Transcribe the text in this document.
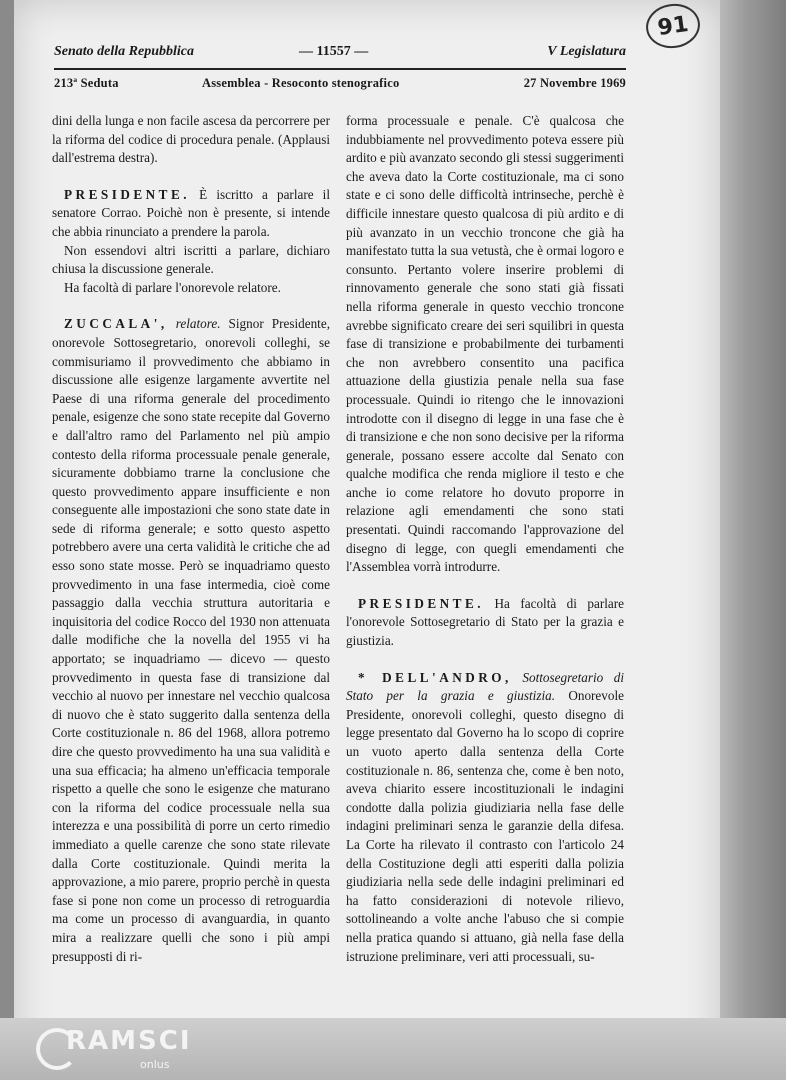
91
Senato della Repubblica	— 11557 —	V Legislatura
213ª Seduta	Assemblea - Resoconto stenografico	27 Novembre 1969

dini della lunga e non facile ascesa da percorrere per la riforma del codice di procedura penale. (Applausi dall'estrema destra).

PRESIDENTE. È iscritto a parlare il senatore Corrao. Poichè non è presente, si intende che abbia rinunciato a prendere la parola.

Non essendovi altri iscritti a parlare, dichiaro chiusa la discussione generale.

Ha facoltà di parlare l'onorevole relatore.

ZUCCALA', relatore. Signor Presidente, onorevole Sottosegretario, onorevoli colleghi, se commisuriamo il provvedimento che abbiamo in discussione alle esigenze largamente avvertite nel Paese di una riforma generale del procedimento penale, esigenze che sono state recepite dal Governo e dall'altro ramo del Parlamento nel più ampio contesto della riforma processuale penale generale, sicuramente dobbiamo trarne la conclusione che questo provvedimento appare insufficiente e non conseguente alle impostazioni che sono state date in sede di riforma generale; e sotto questo aspetto potrebbero avere una certa validità le critiche che ad esso sono state mosse. Però se inquadriamo questo provvedimento in una fase intermedia, cioè come passaggio dalla vecchia struttura autoritaria e inquisitoria del codice Rocco del 1930 non attenuata dalle modifiche che la novella del 1955 vi ha apportato; se inquadriamo — dicevo — questo provvedimento in questa fase di transizione dal vecchio al nuovo per innestare nel vecchio qualcosa di nuovo che è stato suggerito dalla sentenza della Corte costituzionale n. 86 del 1968, allora potremo dire che questo provvedimento ha una sua validità e una sua efficacia; ha almeno un'efficacia temporale rispetto a quelle che sono le esigenze che maturano con la riforma del codice processuale nella sua interezza e una possibilità di porre un certo rimedio immediato a quelle carenze che sono state rilevate dalla Corte costituzionale. Quindi merita la approvazione, a mio parere, proprio perchè in questa fase si pone non come un processo di retroguardia ma come un processo di avanguardia, in quanto mira a realizzare quelli che sono i più ampi presupposti di ri-

forma processuale e penale. C'è qualcosa che indubbiamente nel provvedimento poteva essere più ardito e più avanzato secondo gli stessi suggerimenti che aveva dato la Corte costituzionale, ma ci sono state e ci sono delle difficoltà intrinseche, perchè è difficile innestare questo qualcosa di più ardito e di più avanzato in un vecchio troncone che già ha manifestato tutta la sua vetustà, che è ormai logoro e consunto. Pertanto volere inserire problemi di rinnovamento generale che sono stati già fissati nella riforma generale in questo vecchio troncone avrebbe significato creare dei seri squilibri in questa fase di transizione e probabilmente dei turbamenti che non avrebbero consentito una pacifica attuazione della giustizia penale nella sua fase processuale. Quindi io ritengo che le innovazioni introdotte con il disegno di legge in una fase che è di transizione e che non sono decisive per la riforma generale, possano essere accolte dal Senato con qualche modifica che renda migliore il testo e che anche io come relatore ho dovuto proporre in relazione agli emendamenti che sono stati presentati. Quindi raccomando l'approvazione del disegno di legge, con quegli emendamenti che l'Assemblea vorrà introdurre.

PRESIDENTE. Ha facoltà di parlare l'onorevole Sottosegretario di Stato per la grazia e giustizia.

* DELL'ANDRO, Sottosegretario di Stato per la grazia e giustizia. Onorevole Presidente, onorevoli colleghi, questo disegno di legge presentato dal Governo ha lo scopo di coprire un vuoto aperto dalla sentenza della Corte costituzionale n. 86, sentenza che, come è ben noto, aveva chiarito essere incostituzionali le indagini condotte dalla polizia giudiziaria nella fase delle indagini preliminari senza le garanzie della difesa. La Corte ha rilevato il contrasto con l'articolo 24 della Costituzione degli atti esperiti dalla polizia giudiziaria nella sede delle indagini preliminari ed ha fatto considerazioni di notevole rilievo, sottolineando a volte anche l'abuso che si compie nella pratica quando si attuano, già nella fase della istruzione preliminare, veri atti processuali, su-

RAMSCI
onlus
